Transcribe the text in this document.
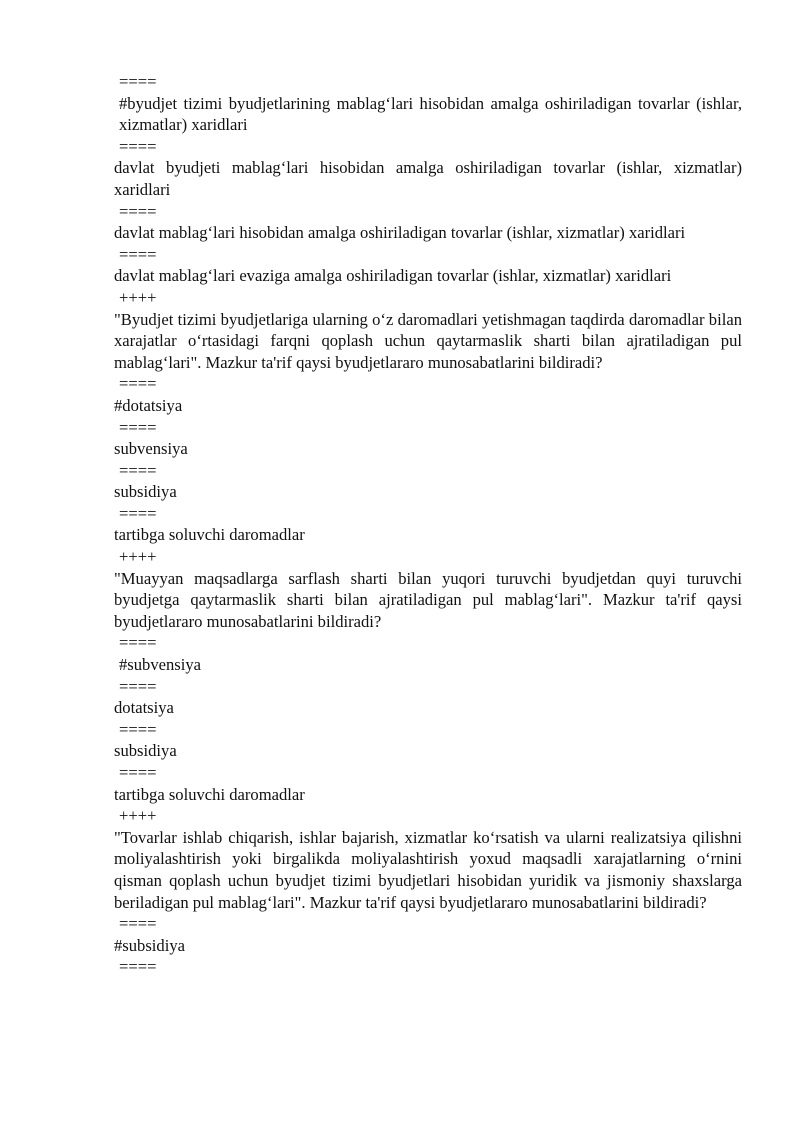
====
#byudjet tizimi byudjetlarining mablag‘lari hisobidan amalga oshiriladigan tovarlar (ishlar, xizmatlar) xaridlari
====
davlat byudjeti mablag‘lari hisobidan amalga oshiriladigan tovarlar (ishlar, xizmatlar) xaridlari
====
davlat mablag‘lari hisobidan amalga oshiriladigan tovarlar (ishlar, xizmatlar) xaridlari
====
davlat mablag‘lari evaziga amalga oshiriladigan tovarlar (ishlar, xizmatlar) xaridlari
++++
"Byudjet tizimi byudjetlariga ularning o‘z daromadlari yetishmagan taqdirda daromadlar bilan xarajatlar o‘rtasidagi farqni qoplash uchun qaytarmaslik sharti bilan ajratiladigan pul mablag‘lari". Mazkur ta'rif qaysi byudjetlararo munosabatlarini bildiradi?
====
#dotatsiya
====
subvensiya
====
subsidiya
====
tartibga soluvchi daromadlar
++++
"Muayyan maqsadlarga sarflash sharti bilan yuqori turuvchi byudjetdan quyi turuvchi byudjetga qaytarmaslik sharti bilan ajratiladigan pul mablag‘lari". Mazkur ta'rif qaysi byudjetlararo munosabatlarini bildiradi?
====
#subvensiya
====
dotatsiya
====
subsidiya
====
tartibga soluvchi daromadlar
++++
"Tovarlar ishlab chiqarish, ishlar bajarish, xizmatlar ko‘rsatish va ularni realizatsiya qilishni moliyalashtirish yoki birgalikda moliyalashtirish yoxud maqsadli xarajatlarning o‘rnini qisman qoplash uchun byudjet tizimi byudjetlari hisobidan yuridik va jismoniy shaxslarga beriladigan pul mablag‘lari". Mazkur ta'rif qaysi byudjetlararo munosabatlarini bildiradi?
====
#subsidiya
====
